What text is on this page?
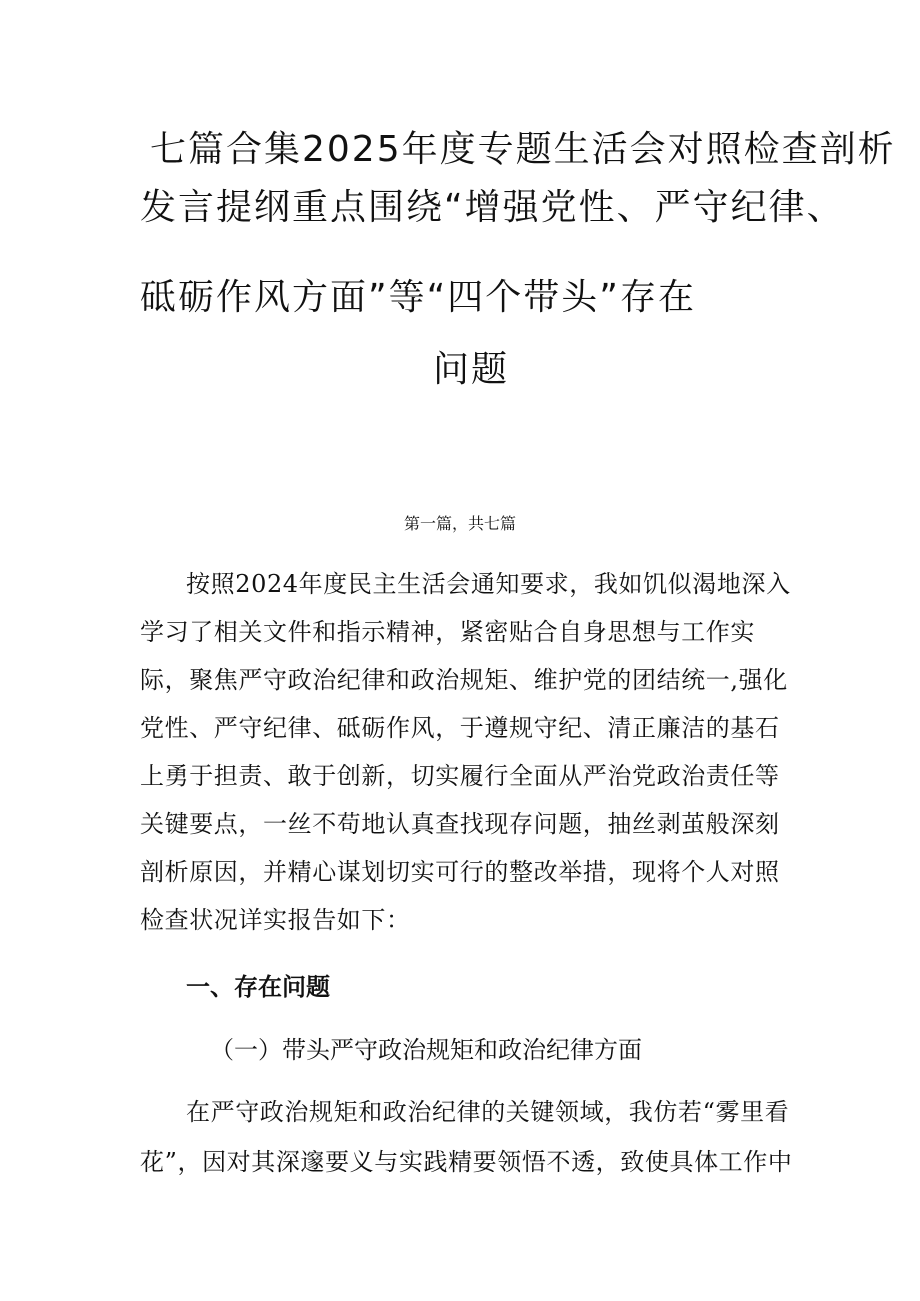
七篇合集2025年度专题生活会对照检查剖析
发言提纲重点围绕“增强党性、严守纪律、
砥砺作风方面”等“四个带头”存在
问题
第一篇，共七篇
按照2024年度民主生活会通知要求，我如饥似渴地深入
学习了相关文件和指示精神，紧密贴合自身思想与工作实
际，聚焦严守政治纪律和政治规矩、维护党的团结统一,强化
党性、严守纪律、砥砺作风，于遵规守纪、清正廉洁的基石
上勇于担责、敢于创新，切实履行全面从严治党政治责任等
关键要点，一丝不苟地认真查找现存问题，抽丝剥茧般深刻
剖析原因，并精心谋划切实可行的整改举措，现将个人对照
检查状况详实报告如下：
一、存在问题
（一）带头严守政治规矩和政治纪律方面
在严守政治规矩和政治纪律的关键领域，我仿若“雾里看
花”，因对其深邃要义与实践精要领悟不透，致使具体工作中
